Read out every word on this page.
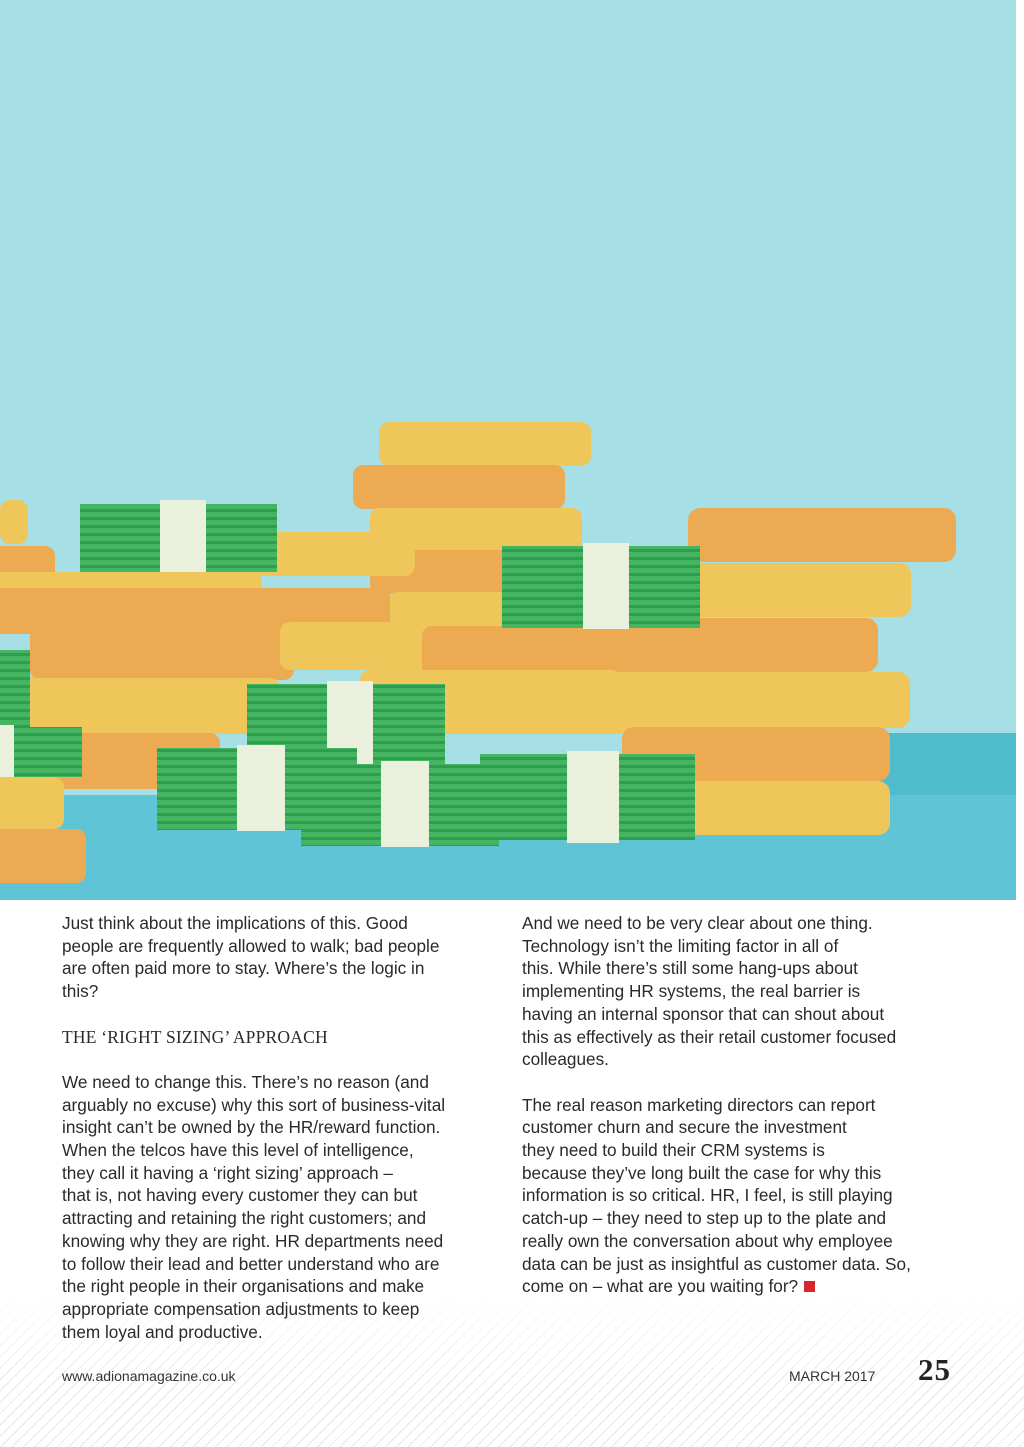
Just think about the implications of this. Good
people are frequently allowed to walk; bad people
are often paid more to stay. Where’s the logic in
this?

THE ‘RIGHT SIZING’ APPROACH

We need to change this. There’s no reason (and
arguably no excuse) why this sort of business-vital
insight can’t be owned by the HR/reward function.
When the telcos have this level of intelligence,
they call it having a ‘right sizing’ approach –
that is, not having every customer they can but
attracting and retaining the right customers; and
knowing why they are right. HR departments need
to follow their lead and better understand who are
the right people in their organisations and make
appropriate compensation adjustments to keep
them loyal and productive.

And we need to be very clear about one thing.
Technology isn’t the limiting factor in all of
this. While there’s still some hang-ups about
implementing HR systems, the real barrier is
having an internal sponsor that can shout about
this as effectively as their retail customer focused
colleagues.

The real reason marketing directors can report
customer churn and secure the investment
they need to build their CRM systems is
because they’ve long built the case for why this
information is so critical. HR, I feel, is still playing
catch-up – they need to step up to the plate and
really own the conversation about why employee
data can be just as insightful as customer data. So,
come on – what are you waiting for?

www.adionamagazine.co.uk	MARCH 2017 25
